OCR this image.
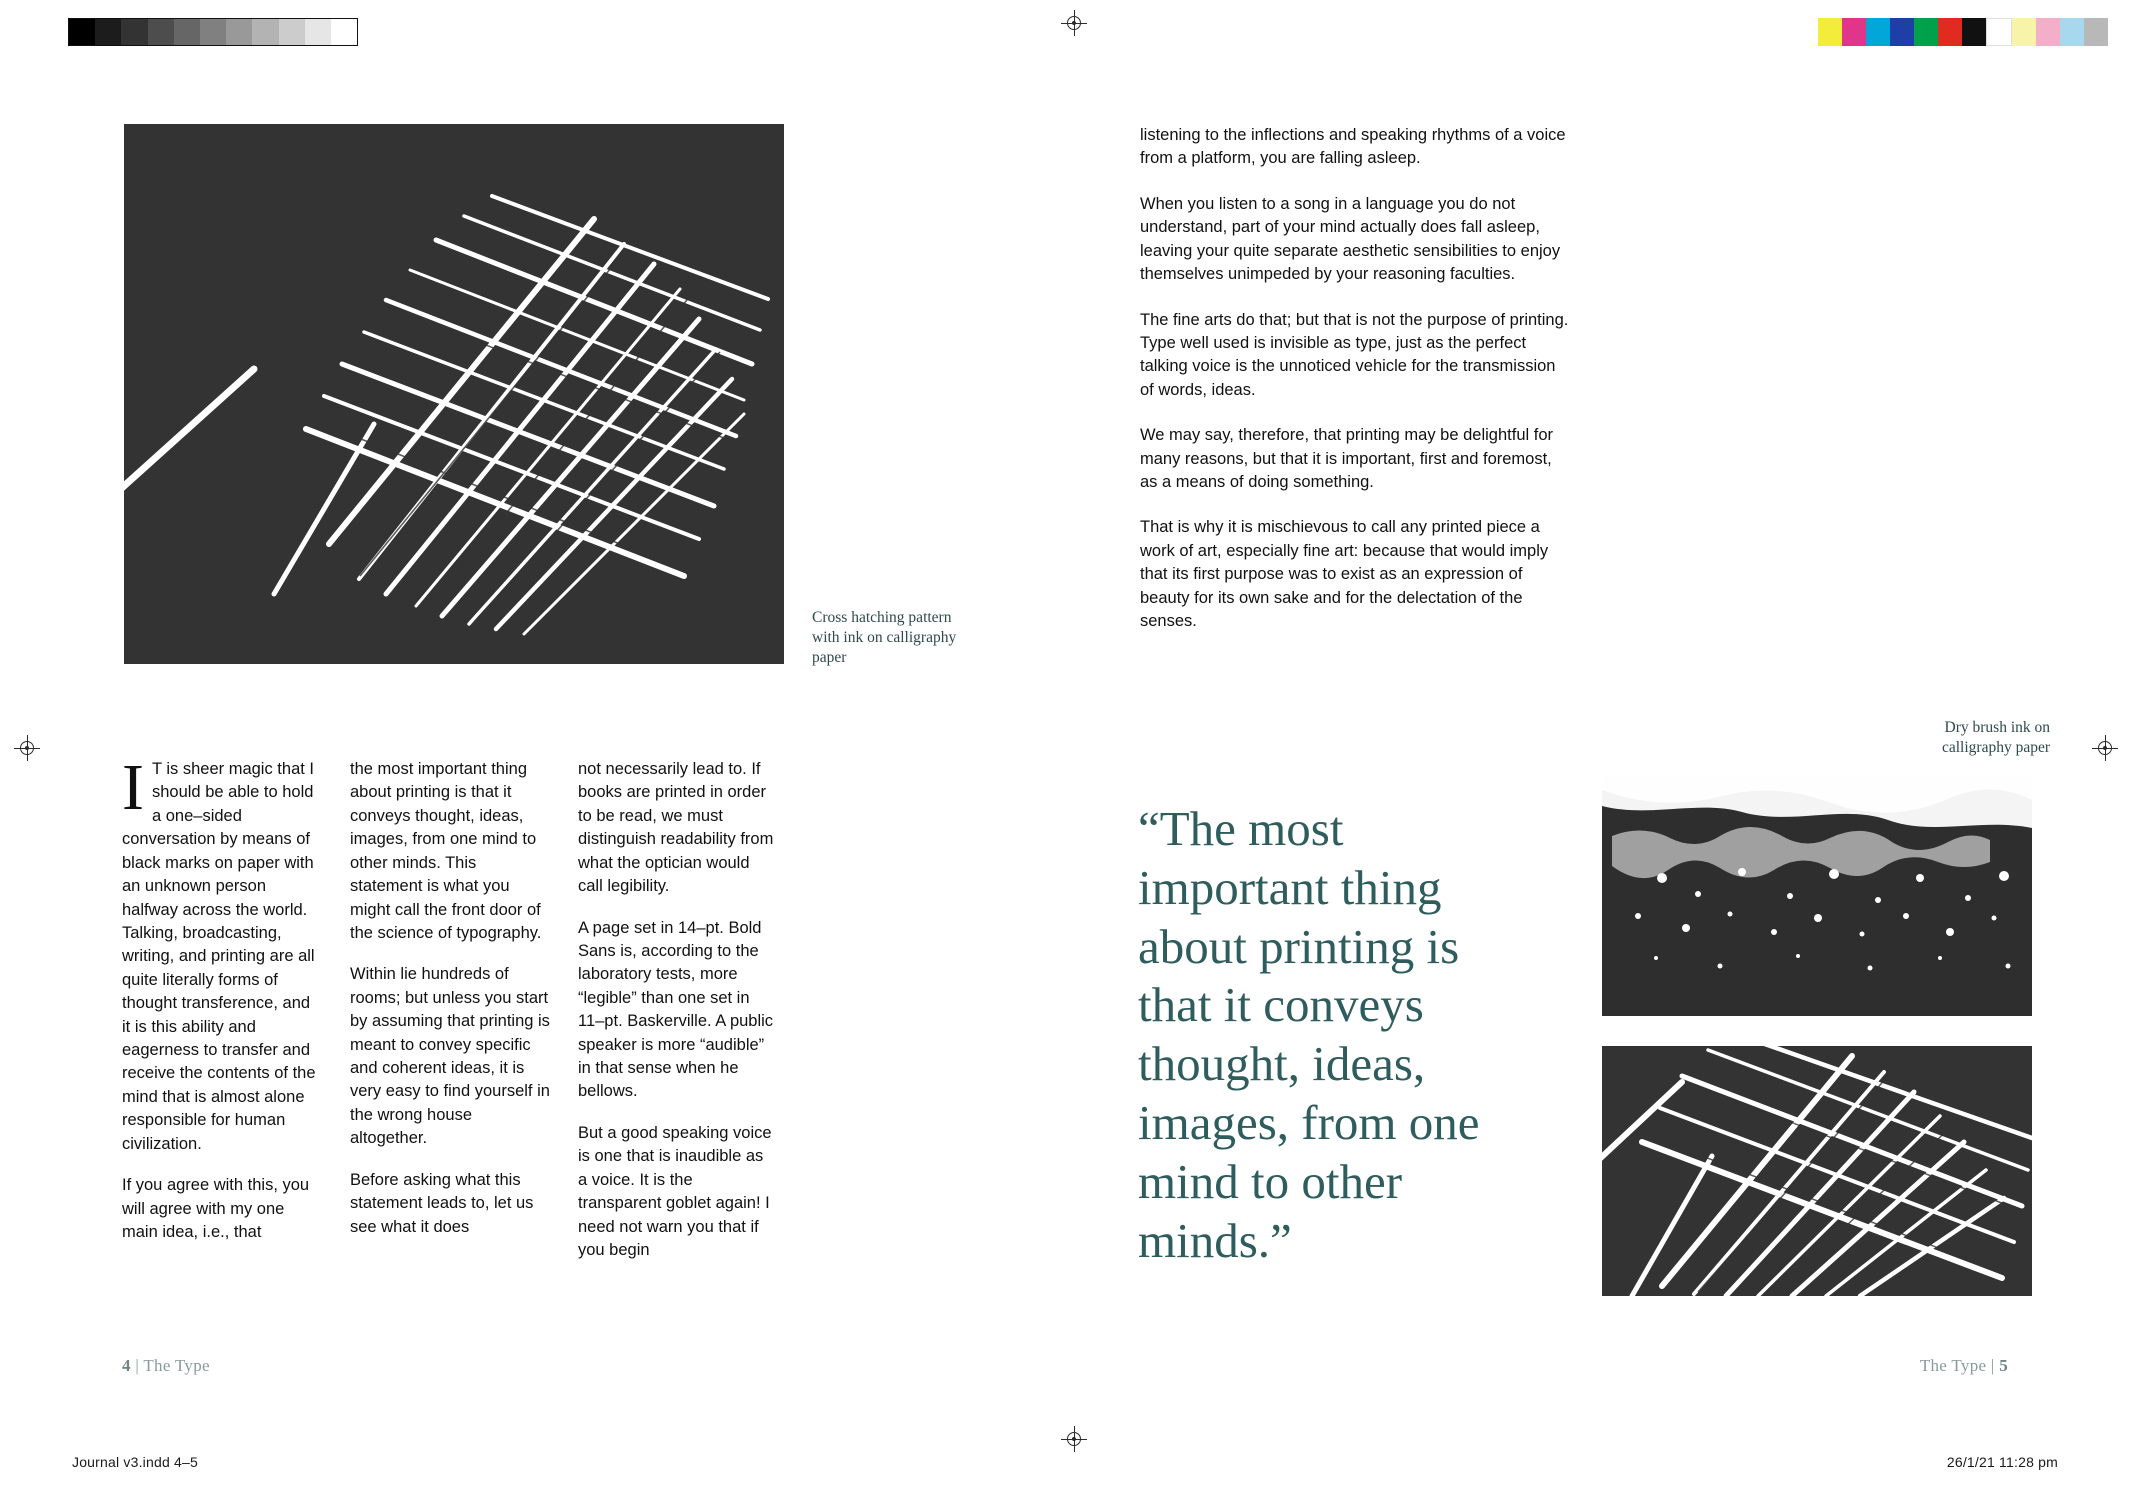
Cross hatching pattern with ink on calligraphy paper

I T is sheer magic that I should be able to hold a one–sided conversation by means of black marks on paper with an unknown person halfway across the world. Talking, broadcasting, writing, and printing are all quite literally forms of thought transference, and it is this ability and eagerness to transfer and receive the contents of the mind that is almost alone responsible for human civilization.

If you agree with this, you will agree with my one main idea, i.e., that

the most important thing about printing is that it conveys thought, ideas, images, from one mind to other minds. This statement is what you might call the front door of the science of typography.

Within lie hundreds of rooms; but unless you start by assuming that printing is meant to convey specific and coherent ideas, it is very easy to find yourself in the wrong house altogether.

Before asking what this statement leads to, let us see what it does

not necessarily lead to. If books are printed in order to be read, we must distinguish readability from what the optician would call legibility.

A page set in 14–pt. Bold Sans is, according to the laboratory tests, more “legible” than one set in 11–pt. Baskerville. A public speaker is more “audible” in that sense when he bellows.

But a good speaking voice is one that is inaudible as a voice. It is the transparent goblet again! I need not warn you that if you begin

4 | The Type

listening to the inflections and speaking rhythms of a voice from a platform, you are falling asleep.

When you listen to a song in a language you do not understand, part of your mind actually does fall asleep, leaving your quite separate aesthetic sensibilities to enjoy themselves unimpeded by your reasoning faculties.

The fine arts do that; but that is not the purpose of printing. Type well used is invisible as type, just as the perfect talking voice is the unnoticed vehicle for the transmission of words, ideas.

We may say, therefore, that printing may be delightful for many reasons, but that it is important, first and foremost, as a means of doing something.

That is why it is mischievous to call any printed piece a work of art, especially fine art: because that would imply that its first purpose was to exist as an expression of beauty for its own sake and for the delectation of the senses.

Dry brush ink on calligraphy paper
“The most important thing about printing is that it conveys thought, ideas, images, from one mind to other minds.”
The Type | 5
Journal v3.indd 4–5	26/1/21 11:28 pm
